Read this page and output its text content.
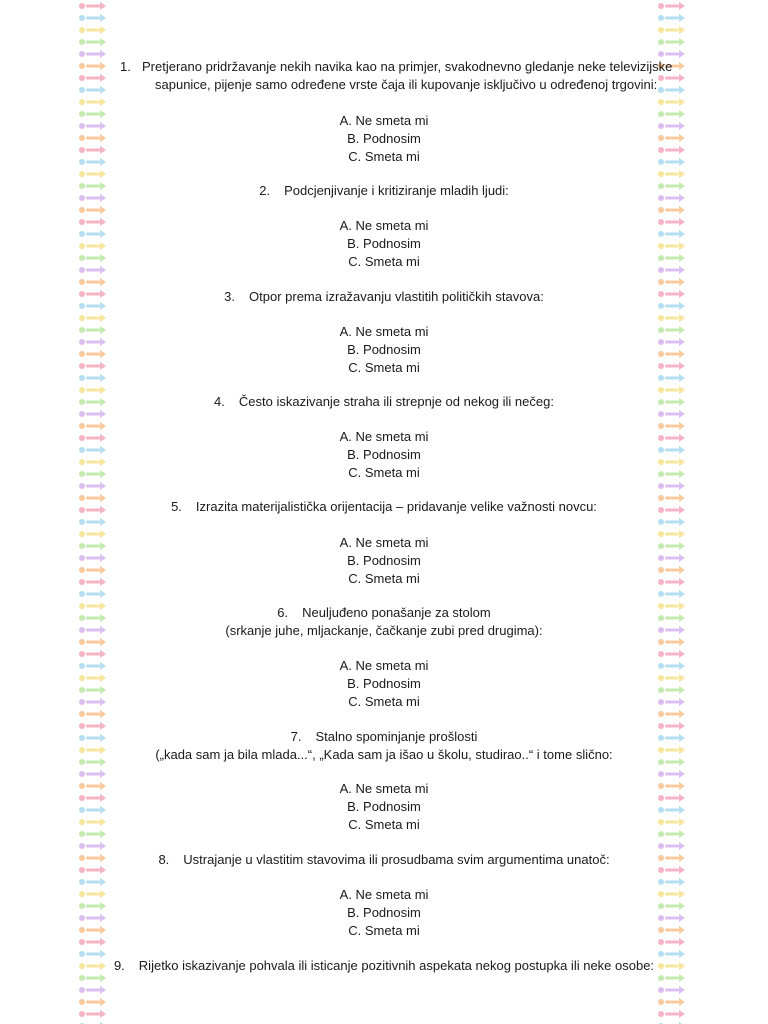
1. Pretjerano pridržavanje nekih navika kao na primjer, svakodnevno gledanje neke televizijske
sapunice, pijenje samo određene vrste čaja ili kupovanje isključivo u određenoj trgovini:
A. Ne smeta mi
B. Podnosim
C. Smeta mi
2. Podcjenjivanje i kritiziranje mladih ljudi:
A. Ne smeta mi
B. Podnosim
C. Smeta mi
3. Otpor prema izražavanju vlastitih političkih stavova:
A. Ne smeta mi
B. Podnosim
C. Smeta mi
4. Često iskazivanje straha ili strepnje od nekog ili nečeg:
A. Ne smeta mi
B. Podnosim
C. Smeta mi
5. Izrazita materijalistička orijentacija – pridavanje velike važnosti novcu:
A. Ne smeta mi
B. Podnosim
C. Smeta mi
6. Neuljuđeno ponašanje za stolom
(srkanje juhe, mljackanje, čačkanje zubi pred drugima):
A. Ne smeta mi
B. Podnosim
C. Smeta mi
7. Stalno spominjanje prošlosti
(„kada sam ja bila mlada...“, „Kada sam ja išao u školu, studirao..“ i tome slično:
A. Ne smeta mi
B. Podnosim
C. Smeta mi
8. Ustrajanje u vlastitim stavovima ili prosudbama svim argumentima unatoč:
A. Ne smeta mi
B. Podnosim
C. Smeta mi
9. Rijetko iskazivanje pohvala ili isticanje pozitivnih aspekata nekog postupka ili neke osobe:
